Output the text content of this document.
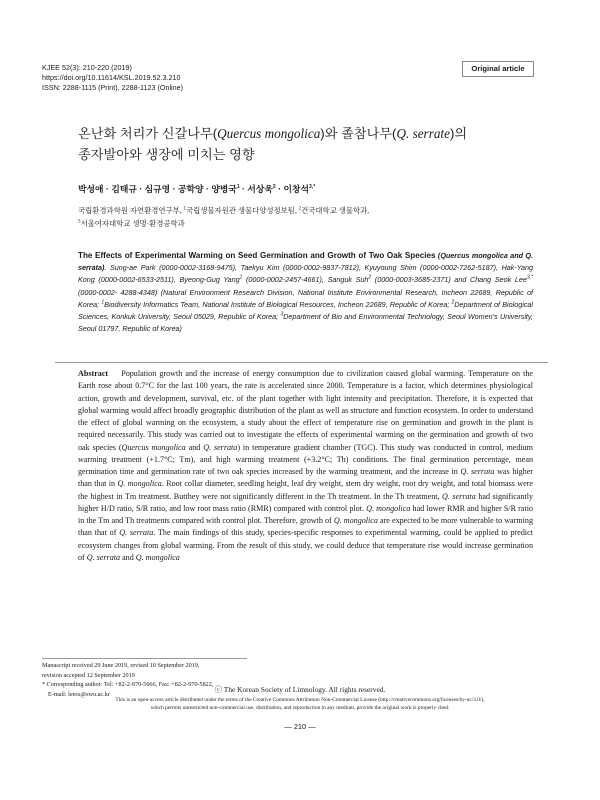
KJEE 52(3): 210-220 (2019)
https://doi.org/10.11614/KSL.2019.52.3.210
ISSN: 2288-1115 (Print), 2288-1123 (Online)
Original article
온난화 처리가 신갈나무(Quercus mongolica)와 졸참나무(Q. serrate)의
종자발아와 생장에 미치는 영향
박성애 · 김태규 · 심규영 · 공학양 · 양병국$^1$ · 서상욱$^2$ · 이창석$^{3,*}$
국립환경과학원 자연환경연구부, $^1$국립생물자원관 생물다양성정보팀, $^2$건국대학교 생물학과,
$^3$서울여자대학교 생명·환경공학과
The Effects of Experimental Warming on Seed Germination and Growth of Two Oak Species (Quercus mongolica and Q. serrata). Sung-ae Park (0000-0002-3168-9475), Taekyu Kim (0000-0002-9837-7812), Kyuyoung Shim (0000-0002-7262-5187), Hak-Yang Kong (0000-0002-6533-2511), Byeong-Gug Yang$^1$ (0000-0002-2457-4661), Sanguk Suh$^2$ (0000-0003-3685-2371) and Chang Seok Lee$^{3,*}$ (0000-0002- 4288-4348) (Natural Environment Research Division, National Institute Environmental Research, Incheon 22689, Republic of Korea; $^1$Biodiversity Informatics Team, National Institute of Biological Resources, Incheon 22689, Republic of Korea; $^2$Department of Biological Sciences, Konkuk University, Seoul 05029, Republic of Korea; $^3$Department of Bio and Environmental Technology, Seoul Women's University, Seoul 01797, Republic of Korea)
Abstract Population growth and the increase of energy consumption due to civilization caused global warming. Temperature on the Earth rose about 0.7°C for the last 100 years, the rate is accelerated since 2000. Temperature is a factor, which determines physiological action, growth and development, survival, etc. of the plant together with light intensity and precipitation. Therefore, it is expected that global warming would affect broadly geographic distribution of the plant as well as structure and function ecosystem. In order to understand the effect of global warming on the ecosystem, a study about the effect of temperature rise on germination and growth in the plant is required necessarily. This study was carried out to investigate the effects of experimental warming on the germination and growth of two oak species (Quercus mongolica and Q. serrata) in temperature gradient chamber (TGC). This study was conducted in control, medium warming treatment (+1.7°C; Tm), and high warming treatment (+3.2°C; Th) conditions. The final germination percentage, mean germination time and germination rate of two oak species increased by the warming treatment, and the increase in Q. serrata was higher than that in Q. mongolica. Root collar diameter, seedling height, leaf dry weight, stem dry weight, root dry weight, and total biomass were the highest in Tm treatment. Butthey were not significantly different in the Th treatment. In the Th treatment, Q. serrata had significantly higher H/D ratio, S/R ratio, and low root mass ratio (RMR) compared with control plot. Q. mongolica had lower RMR and higher S/R ratio in the Tm and Th treatments compared with control plot. Therefore, growth of Q. mongolica are expected to be more vulnerable to warming than that of Q. serrata. The main findings of this study, species-specific responses to experimental warming, could be applied to predict ecosystem changes from global warming. From the result of this study, we could deduce that temperature rise would increase germination of Q. serrata and Q. mongolica
Manuscript received 29 June 2019, revised 10 September 2019,
revision accepted 12 September 2019
* Corresponding author: Tel: +82-2-970-5666, Fax: +82-2-970-5822,
E-mail: leecs@swu.ac.kr	ⓒ The Korean Society of Limnology. All rights reserved.
This is an open-access article distributed under the terms of the Creative Commons Attribution Non-Commercial License (http://creativecommons.org/licenses/by-nc/3.0/),
which permits unrestricted non-commercial use, distribution, and reproduction in any medium, provide the original work is properly cited.
— 210 —
